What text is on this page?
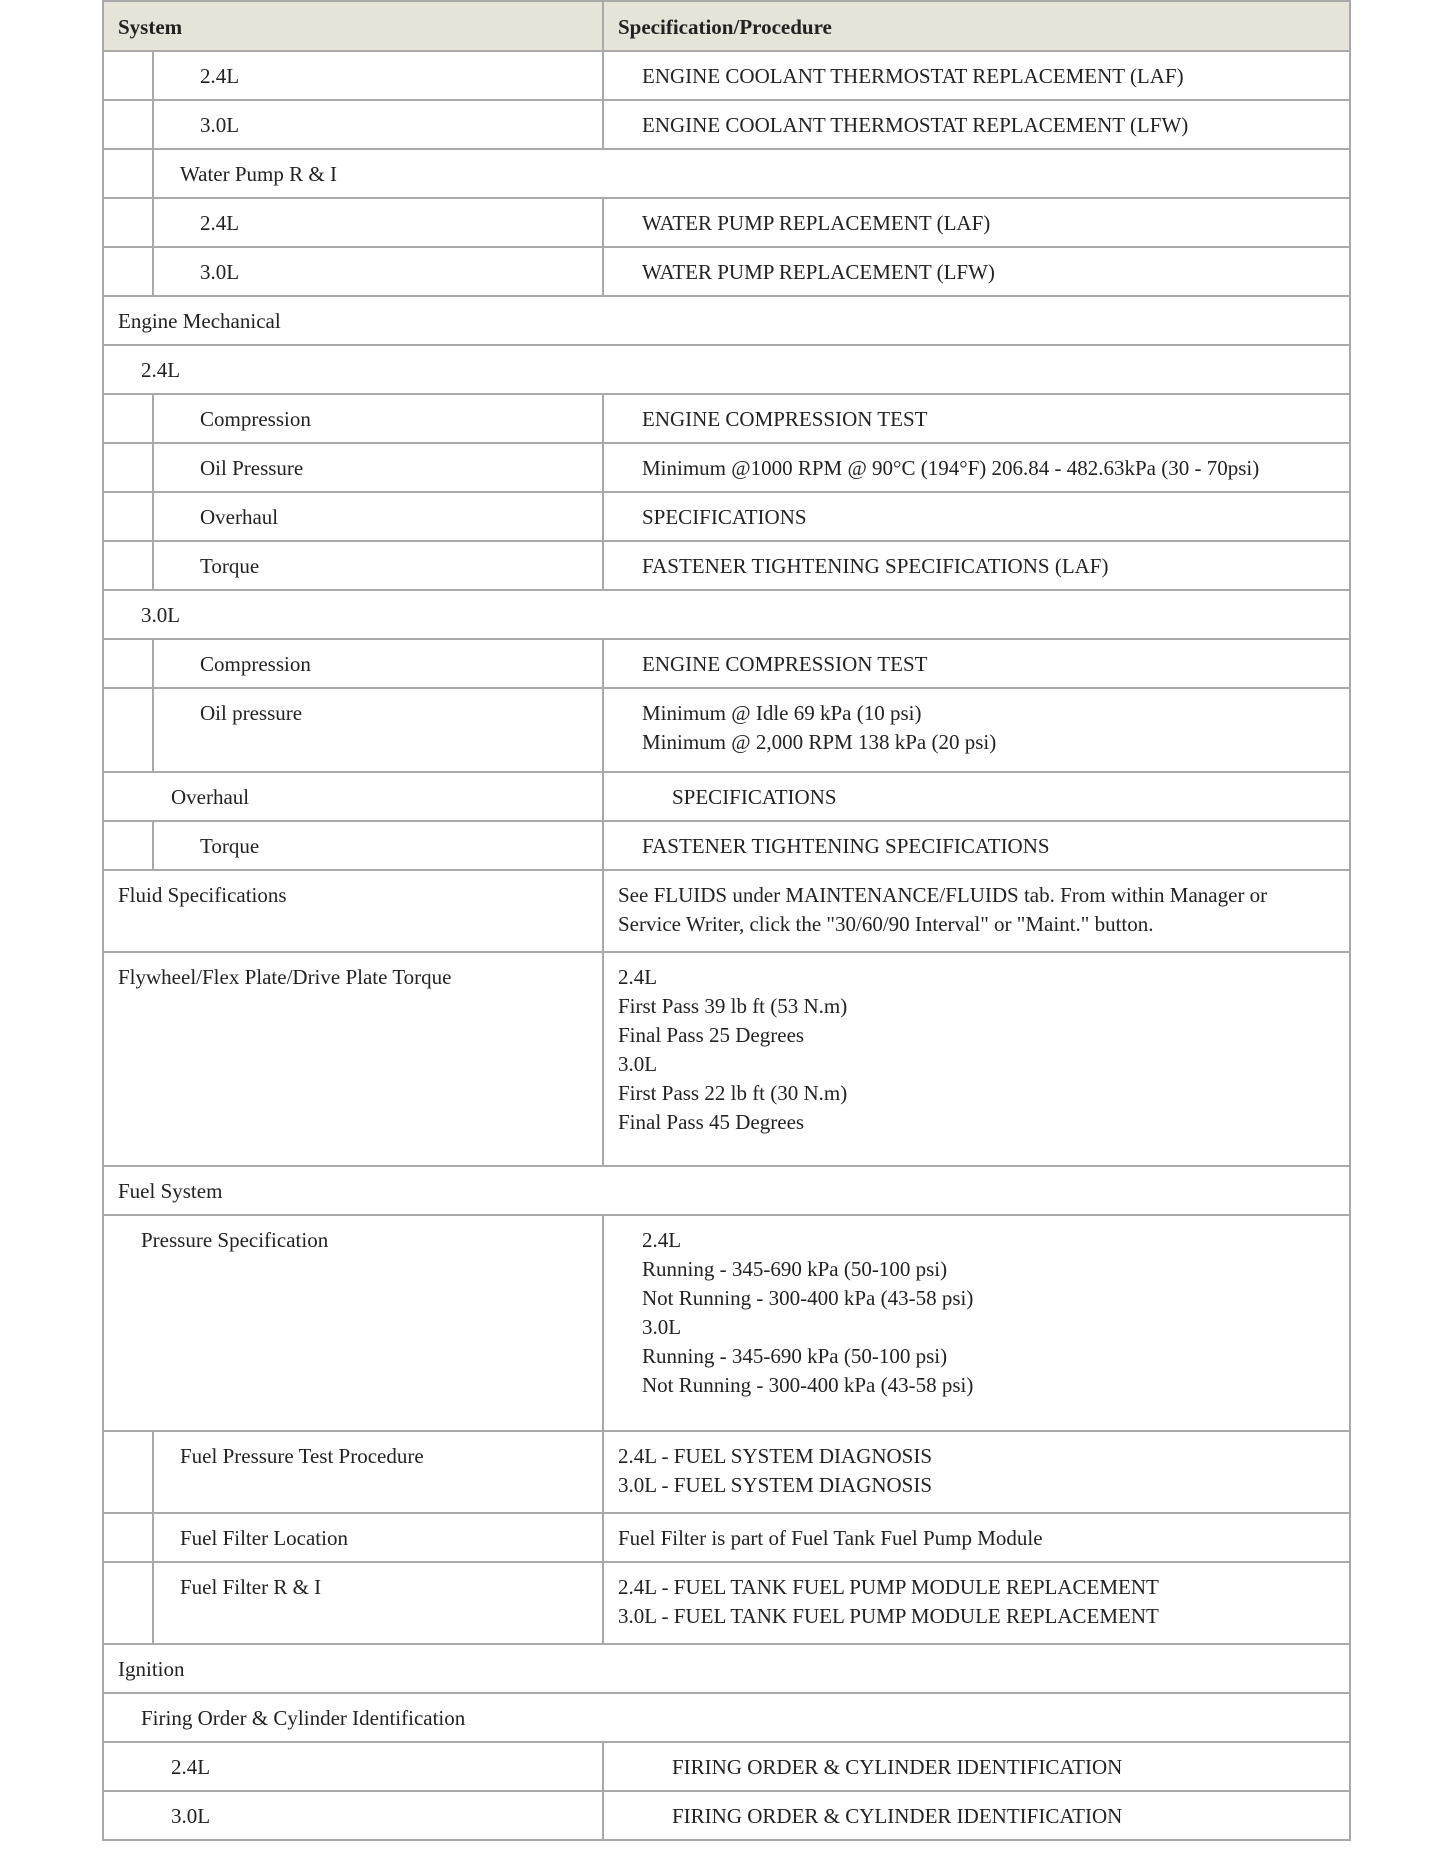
System	Specification/Procedure
2.4L	ENGINE COOLANT THERMOSTAT REPLACEMENT (LAF)
3.0L	ENGINE COOLANT THERMOSTAT REPLACEMENT (LFW)
Water Pump R & I
2.4L	WATER PUMP REPLACEMENT (LAF)
3.0L	WATER PUMP REPLACEMENT (LFW)
Engine Mechanical
2.4L
Compression	ENGINE COMPRESSION TEST
Oil Pressure	Minimum @1000 RPM @ 90°C (194°F) 206.84 - 482.63kPa (30 - 70psi)
Overhaul	SPECIFICATIONS
Torque	FASTENER TIGHTENING SPECIFICATIONS (LAF)
3.0L
Compression	ENGINE COMPRESSION TEST
Oil pressure	Minimum @ Idle 69 kPa (10 psi)
Minimum @ 2,000 RPM 138 kPa (20 psi)
Overhaul	SPECIFICATIONS
Torque	FASTENER TIGHTENING SPECIFICATIONS
Fluid Specifications	See FLUIDS under MAINTENANCE/FLUIDS tab. From within Manager or
Service Writer, click the "30/60/90 Interval" or "Maint." button.
Flywheel/Flex Plate/Drive Plate Torque	2.4L
First Pass 39 lb ft (53 N.m)
Final Pass 25 Degrees
3.0L
First Pass 22 lb ft (30 N.m)
Final Pass 45 Degrees
Fuel System
Pressure Specification	2.4L
Running - 345-690 kPa (50-100 psi)
Not Running - 300-400 kPa (43-58 psi)
3.0L
Running - 345-690 kPa (50-100 psi)
Not Running - 300-400 kPa (43-58 psi)
Fuel Pressure Test Procedure	2.4L - FUEL SYSTEM DIAGNOSIS
3.0L - FUEL SYSTEM DIAGNOSIS
Fuel Filter Location	Fuel Filter is part of Fuel Tank Fuel Pump Module
Fuel Filter R & I	2.4L - FUEL TANK FUEL PUMP MODULE REPLACEMENT
3.0L - FUEL TANK FUEL PUMP MODULE REPLACEMENT
Ignition
Firing Order & Cylinder Identification
2.4L	FIRING ORDER & CYLINDER IDENTIFICATION
3.0L	FIRING ORDER & CYLINDER IDENTIFICATION
